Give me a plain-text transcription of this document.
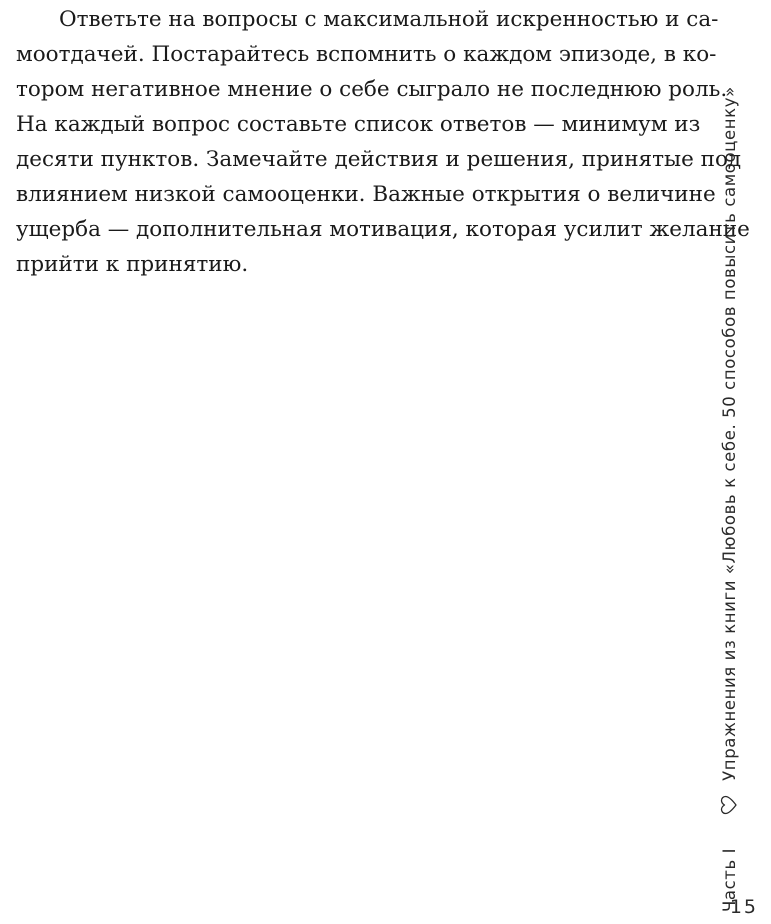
Ответьте на вопросы с максимальной искренностью и са-
моотдачей. Постарайтесь вспомнить о каждом эпизоде, в ко-
тором негативное мнение о себе сыграло не последнюю роль.
На каждый вопрос составьте список ответов — минимум из
десяти пунктов. Замечайте действия и решения, принятые под
влиянием низкой самооценки. Важные открытия о величине
ущерба — дополнительная мотивация, которая усилит желание
прийти к принятию.
Часть I
Упражнения из книги «Любовь к себе. 50 способов повысить самооценку»
15
